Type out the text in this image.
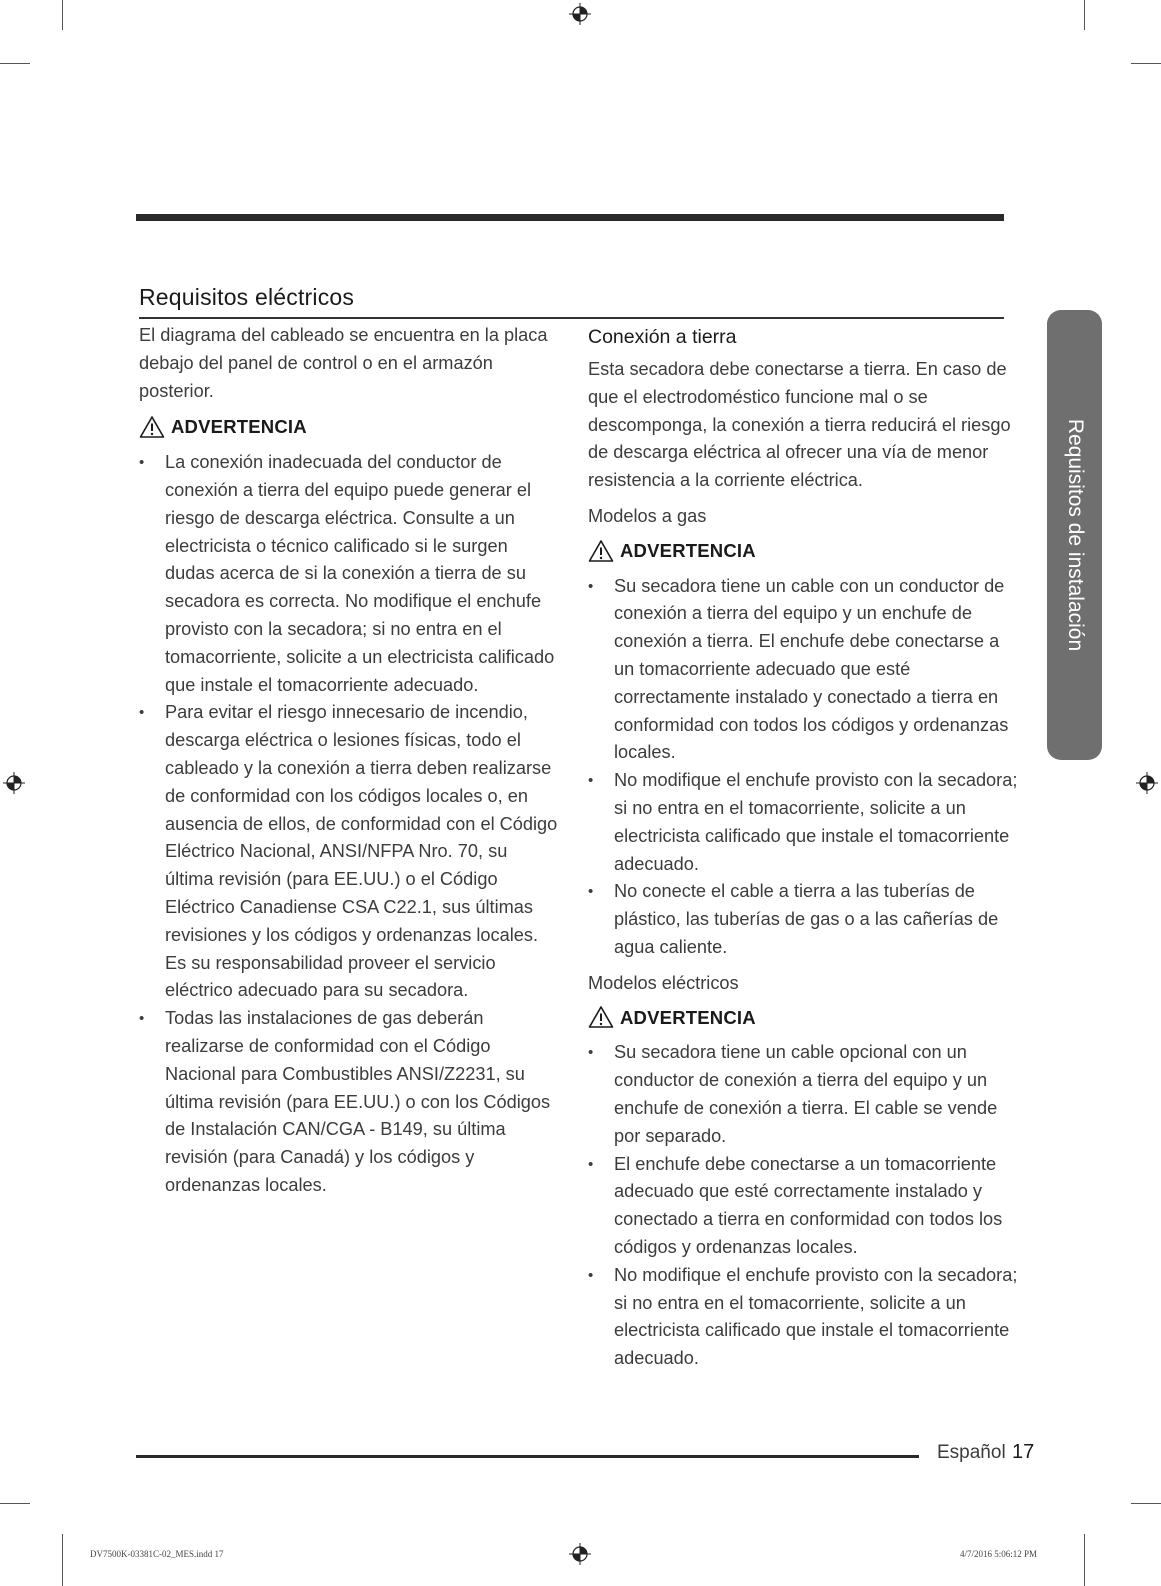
Requisitos eléctricos

El diagrama del cableado se encuentra en la placa debajo del panel de control o en el armazón posterior.

ADVERTENCIA
• La conexión inadecuada del conductor de conexión a tierra del equipo puede generar el riesgo de descarga eléctrica. Consulte a un electricista o técnico calificado si le surgen dudas acerca de si la conexión a tierra de su secadora es correcta. No modifique el enchufe provisto con la secadora; si no entra en el tomacorriente, solicite a un electricista calificado que instale el tomacorriente adecuado.
• Para evitar el riesgo innecesario de incendio, descarga eléctrica o lesiones físicas, todo el cableado y la conexión a tierra deben realizarse de conformidad con los códigos locales o, en ausencia de ellos, de conformidad con el Código Eléctrico Nacional, ANSI/NFPA Nro. 70, su última revisión (para EE.UU.) o el Código Eléctrico Canadiense CSA C22.1, sus últimas revisiones y los códigos y ordenanzas locales. Es su responsabilidad proveer el servicio eléctrico adecuado para su secadora.
• Todas las instalaciones de gas deberán realizarse de conformidad con el Código Nacional para Combustibles ANSI/Z2231, su última revisión (para EE.UU.) o con los Códigos de Instalación CAN/CGA - B149, su última revisión (para Canadá) y los códigos y ordenanzas locales.
Conexión a tierra

Esta secadora debe conectarse a tierra. En caso de que el electrodoméstico funcione mal o se descomponga, la conexión a tierra reducirá el riesgo de descarga eléctrica al ofrecer una vía de menor resistencia a la corriente eléctrica.

Modelos a gas
ADVERTENCIA
• Su secadora tiene un cable con un conductor de conexión a tierra del equipo y un enchufe de conexión a tierra. El enchufe debe conectarse a un tomacorriente adecuado que esté correctamente instalado y conectado a tierra en conformidad con todos los códigos y ordenanzas locales.
• No modifique el enchufe provisto con la secadora; si no entra en el tomacorriente, solicite a un electricista calificado que instale el tomacorriente adecuado.
• No conecte el cable a tierra a las tuberías de plástico, las tuberías de gas o a las cañerías de agua caliente.
Modelos eléctricos
ADVERTENCIA
• Su secadora tiene un cable opcional con un conductor de conexión a tierra del equipo y un enchufe de conexión a tierra. El cable se vende por separado.
• El enchufe debe conectarse a un tomacorriente adecuado que esté correctamente instalado y conectado a tierra en conformidad con todos los códigos y ordenanzas locales.
• No modifique el enchufe provisto con la secadora; si no entra en el tomacorriente, solicite a un electricista calificado que instale el tomacorriente adecuado.
Requisitos de instalación
Español 17
DV7500K-03381C-02_MES.indd 17	4/7/2016 5:06:12 PM
